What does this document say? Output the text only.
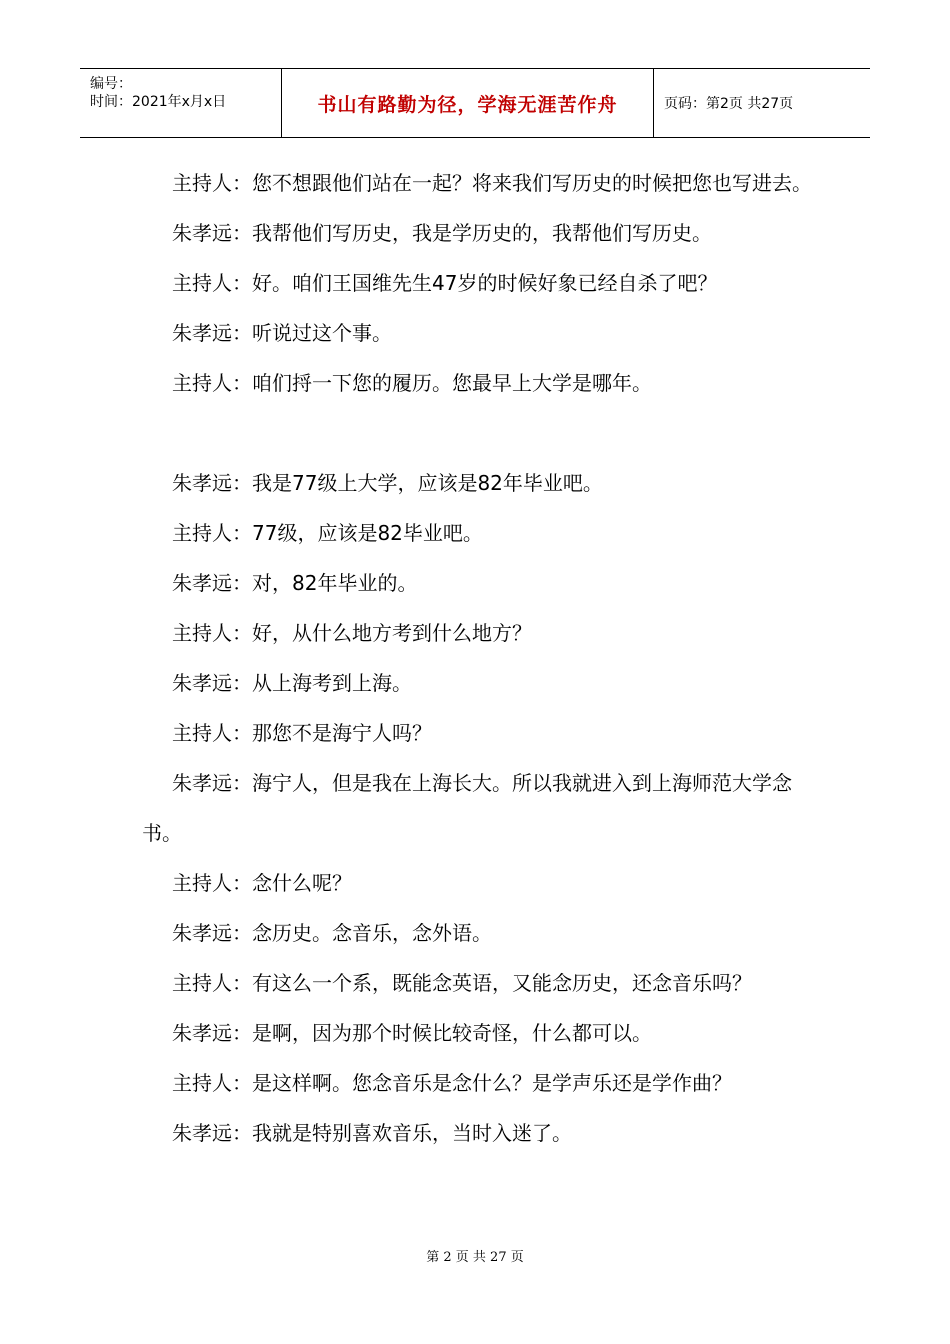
编号：
时间：2021年x月x日	书山有路勤为径，学海无涯苦作舟	页码：第2页 共27页

主持人：您不想跟他们站在一起？将来我们写历史的时候把您也写进去。

朱孝远：我帮他们写历史，我是学历史的，我帮他们写历史。

主持人：好。咱们王国维先生47岁的时候好象已经自杀了吧？

朱孝远：听说过这个事。

主持人：咱们捋一下您的履历。您最早上大学是哪年。

朱孝远：我是77级上大学，应该是82年毕业吧。

主持人：77级，应该是82毕业吧。

朱孝远：对，82年毕业的。

主持人：好，从什么地方考到什么地方？

朱孝远：从上海考到上海。

主持人：那您不是海宁人吗？

朱孝远：海宁人，但是我在上海长大。所以我就进入到上海师范大学念书。

主持人：念什么呢？

朱孝远：念历史。念音乐，念外语。

主持人：有这么一个系，既能念英语，又能念历史，还念音乐吗？

朱孝远：是啊，因为那个时候比较奇怪，什么都可以。

主持人：是这样啊。您念音乐是念什么？是学声乐还是学作曲？

朱孝远：我就是特别喜欢音乐，当时入迷了。

第 2 页 共 27 页
